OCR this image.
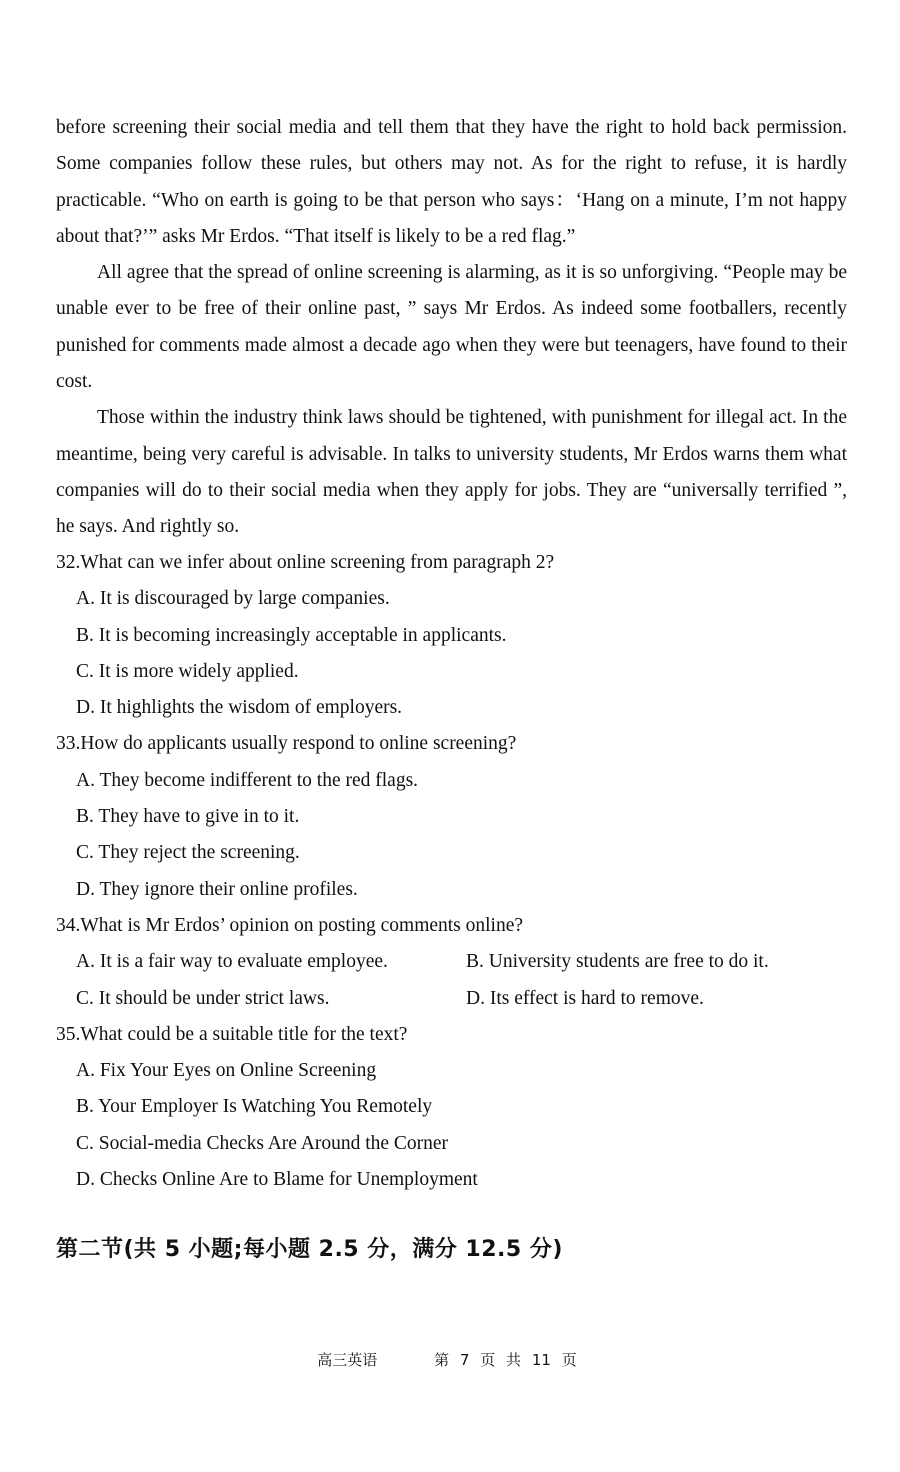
before screening their social media and tell them that they have the right to hold back permission. Some companies follow these rules, but others may not. As for the right to refuse, it is hardly practicable. “Who on earth is going to be that person who says：‘Hang on a minute, I’m not happy about that?’” asks Mr Erdos. “That itself is likely to be a red flag.”

All agree that the spread of online screening is alarming, as it is so unforgiving. “People may be unable ever to be free of their online past, ” says Mr Erdos. As indeed some footballers, recently punished for comments made almost a decade ago when they were but teenagers, have found to their cost.

Those within the industry think laws should be tightened, with punishment for illegal act. In the meantime, being very careful is advisable. In talks to university students, Mr Erdos warns them what companies will do to their social media when they apply for jobs. They are “universally terrified ”, he says. And rightly so.

32.What can we infer about online screening from paragraph 2?
A. It is discouraged by large companies.
B. It is becoming increasingly acceptable in applicants.
C. It is more widely applied.
D. It highlights the wisdom of employers.
33.How do applicants usually respond to online screening?
A. They become indifferent to the red flags.
B. They have to give in to it.
C. They reject the screening.
D. They ignore their online profiles.
34.What is Mr Erdos’ opinion on posting comments online?
A. It is a fair way to evaluate employee.	B. University students are free to do it.
C. It should be under strict laws.	D. Its effect is hard to remove.
35.What could be a suitable title for the text?
A. Fix Your Eyes on Online Screening
B. Your Employer Is Watching You Remotely
C. Social-media Checks Are Around the Corner
D. Checks Online Are to Blame for Unemployment
第二节(共 5 小题;每小题 2.5 分，满分 12.5 分)
高三英语	第 7 页 共 11 页
